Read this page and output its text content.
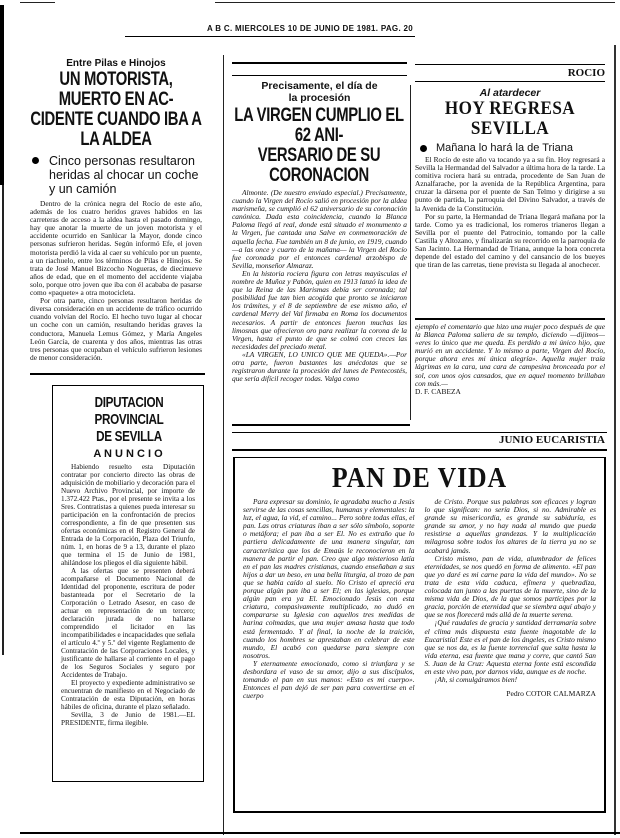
A B C. MIERCOLES 10 DE JUNIO DE 1981. PAG. 20
Entre Pilas e Hinojos
UN MOTORISTA, MUERTO EN AC-
CIDENTE CUANDO IBA A LA ALDEA
Cinco personas resultaron heridas al chocar un coche y un camión

Dentro de la crónica negra del Rocío de este año, además de los cuatro heridos graves habidos en las carreteras de acceso a la aldea hasta el pasado domingo, hay que anotar la muerte de un joven motorista y el accidente ocurrido en Sanlúcar la Mayor, donde cinco personas sufrieron heridas. Según informó Efe, el joven motorista perdió la vida al caer su vehículo por un puente, a un riachuelo, entre los términos de Pilas e Hinojos. Se trata de José Manuel Bizcocho Nogueras, de diecinueve años de edad, que en el momento del accidente viajaba solo, porque otro joven que iba con él acababa de pasarse como «paquete» a otra motocicleta.

Por otra parte, cinco personas resultaron heridas de diversa consideración en un accidente de tráfico ocurrido cuando volvían del Rocío. El hecho tuvo lugar al chocar un coche con un camión, resultando heridas graves la conductora, Manuela Lemus Gómez, y María Angeles León García, de cuarenta y dos años, mientras las otras tres personas que ocupaban el vehículo sufrieron lesiones de menor consideración.

DIPUTACION PROVINCIAL
DE SEVILLA
A N U N C I O

Habiendo resuelto esta Diputación contratar por concierto directo las obras de adquisición de mobiliario y decoración para el Nuevo Archivo Provincial, por importe de 1.372.422 Ptas., por el presente se invita a los Sres. Contratistas a quienes pueda interesar su participación en la confrontación de precios correspondiente, a fin de que presenten sus ofertas económicas en el Registro General de Entrada de la Corporación, Plaza del Triunfo, núm. 1, en horas de 9 a 13, durante el plazo que termina el 15 de Junio de 1981, ahilándose los pliegos el día siguiente hábil.

A las ofertas que se presenten deberá acompañarse el Documento Nacional de Identidad del proponente, escritura de poder bastanteada por el Secretario de la Corporación o Letrado Asesor, en caso de actuar en representación de un tercero; declaración jurada de no hallarse comprendido el licitador en las incompatibilidades e incapacidades que señala el artículo 4.º y 5.º del vigente Reglamento de Contratación de las Corporaciones Locales, y justificante de hallarse al corriente en el pago de los Seguros Sociales y seguro por Accidentes de Trabajo.

El proyecto y expediente administrativo se encuentran de manifiesto en el Negociado de Contratación de esta Diputación, en horas hábiles de oficina, durante el plazo señalado.

Sevilla, 3 de Junio de 1981.—EL PRESIDENTE, firma ilegible.

Precisamente, el día de
la procesión
LA VIRGEN CUMPLIO EL 62 ANI-
VERSARIO DE SU CORONACION

Almonte. (De nuestro enviado especial.) Precisamente, cuando la Virgen del Rocío salió en procesión por la aldea marismeña, se cumplió el 62 aniversario de su coronación canónica. Dada esta coincidencia, cuando la Blanca Paloma llegó al real, donde está situado el monumento a la Virgen, fue cantada una Salve en conmemoración de aquella fecha. Fue también un 8 de junio, en 1919, cuando —a las once y cuarto de la mañana— la Virgen del Rocío fue coronada por el entonces cardenal arzobispo de Sevilla, monseñor Almaraz.

En la historia rociera figura con letras mayúsculas el nombre de Muñoz y Pabón, quien en 1913 lanzó la idea de que la Reina de las Marismas debía ser coronada; tal posibilidad fue tan bien acogida que pronto se iniciaron los trámites, y el 8 de septiembre de ese mismo año, el cardenal Merry del Val firmaba en Roma los documentos necesarios. A partir de entonces fueron muchas las limosnas que ofrecieron oro para realizar la corona de la Virgen, hasta el punto de que se colmó con creces las necesidades del preciado metal.

«LA VIRGEN, LO UNICO QUE ME QUEDA».—Por otra parte, fueron bastantes las anécdotas que se registraron durante la procesión del lunes de Pentecostés, que sería difícil recoger todas. Valga como

ROCIO
Al atardecer
HOY REGRESA SEVILLA
Mañana lo hará la de Triana

El Rocío de este año va tocando ya a su fin. Hoy regresará a Sevilla la Hermandad del Salvador a última hora de la tarde. La comitiva rociera hará su entrada, procedente de San Juan de Aznalfarache, por la avenida de la República Argentina, para cruzar la dársena por el puente de San Telmo y dirigirse a su punto de partida, la parroquia del Divino Salvador, a través de la Avenida de la Constitución.

Por su parte, la Hermandad de Triana llegará mañana por la tarde. Como ya es tradicional, los romeros trianeros llegan a Sevilla por el puente del Patrocinio, tomando por la calle Castilla y Altozano, y finalizarán su recorrido en la parroquia de San Jacinto. La Hermandad de Triana, aunque la hora concreta depende del estado del camino y del cansancio de los bueyes que tiran de las carretas, tiene prevista su llegada al anochecer.

ejemplo el comentario que hizo una mujer poco después de que la Blanca Paloma saliera de su templo, diciendo —dijimos— «eres lo único que me queda. Es perdido a mi único hijo, que murió en un accidente. Y lo mismo a parte, Virgen del Rocío, porque ahora eres mi única alegría». Aquella mujer traía lágrimas en la cara, una cara de campesina bronceada por el sol, con unos ojos cansados, que en aquel momento brillaban con más.—
D. F. CABEZA
JUNIO EUCARISTIA
PAN DE VIDA

Para expresar su dominio, le agradaba mucho a Jesús servirse de las cosas sencillas, humanas y elementales: la luz, el agua, la vid, el camino... Pero sobre todas ellas, el pan. Las otras criaturas iban a ser sólo símbolo, soporte o metáfora; el pan iba a ser El. No es extraño que lo partiera delicadamente de una manera singular, tan característica que los de Emaús le reconocieron en la manera de partir el pan. Creo que algo misterioso latía en el pan las madres cristianas, cuando enseñaban a sus hijos a dar un beso, en una bella liturgia, al trozo de pan que se había caído al suelo. No Cristo el apreció era porque algún pan iba a ser El; en las iglesias, porque algún pan era ya El. Emocionado Jesús con esta criatura, compasivamente multiplicado, no dudó en compararse su Iglesia con aquellos tres medidas de harina colmadas, que una mujer amasa hasta que todo está fermentado. Y al final, la noche de la traición, cuando los hombres se aprestaban en celebrar de este mundo, El acabó con quedarse para siempre con nosotros.

Y eternamente emocionado, como si triunfara y se desbordara el vaso de su amor, dijo a sus discípulos, tomando el pan en sus manos: «Esto es mi cuerpo». Entonces el pan dejó de ser pan para convertirse en el cuerpo

de Cristo. Porque sus palabras son eficaces y logran lo que significan: no sería Dios, si no. Admirable es grande su misericordia, es grande su sabiduría, es grande su amor, y no hay nada al mundo que pueda resistirse a aquellas grandezas. Y la multiplicación milagrosa sobre todos los altares de la tierra ya no se acabará jamás.

Cristo mismo, pan de vida, alumbrador de felices eternidades, se nos quedó en forma de alimento. «El pan que yo daré es mi carne para la vida del mundo». No se trata de esta vida caduca, efímera y quebradiza, colocada tan junto a las puertas de la muerte, sino de la misma vida de Dios, de la que somos partícipes por la gracia, porción de eternidad que se siembra aquí abajo y que se nos florecerá más allá de la muerte serena.

¡Qué raudales de gracia y santidad derramaría sobre el clima más dispuesta esta fuente inagotable de la Eucaristía! Este es el pan de los ángeles, es Cristo mismo que se nos da, es la fuente torrencial que salta hasta la vida eterna, esa fuente que mana y corre, que cantó San S. Juan de la Cruz: Aquesta eterna fonte está escondida en este vivo pan, por darnos vida, aunque es de noche.

¡Ah, si comulgáramos bien!

Pedro COTOR CALMARZA
